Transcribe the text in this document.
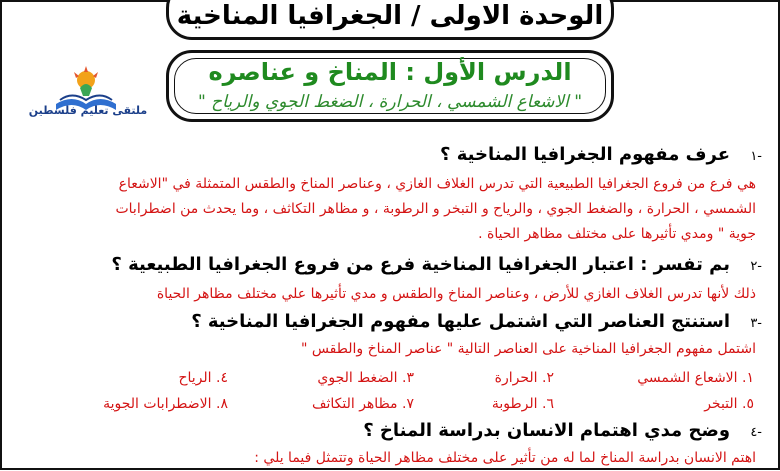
الوحدة الاولى / الجغرافيا المناخية
الدرس الأول : المناخ و عناصره
" الاشعاع الشمسي ، الحرارة ، الضغط الجوي والرياح "
ملتقى تعليم فلسطين
-١ عرف مفهوم الجغرافيا المناخية ؟
هي فرع من فروع الجغرافيا الطبيعية التي تدرس الغلاف الغازي ، وعناصر المناخ والطقس المتمثلة في "الاشعاع
الشمسي ، الحرارة ، والضغط الجوي ، والرياح و التبخر و الرطوبة ، و مظاهر التكاثف ، وما يحدث من اضطرابات
جوية " ومدي تأثيرها على مختلف مظاهر الحياة .
-٢ بم تفسر : اعتبار الجغرافيا المناخية فرع من فروع الجغرافيا الطبيعية ؟
ذلك لأنها تدرس الغلاف الغازي للأرض ، وعناصر المناخ والطقس و مدي تأثيرها علي مختلف مظاهر الحياة
-٣ استنتج العناصر التي اشتمل عليها مفهوم الجغرافيا المناخية ؟
اشتمل مفهوم الجغرافيا المناخية على العناصر التالية " عناصر المناخ والطقس "
١. الاشعاع الشمسي
٢. الحرارة
٣. الضغط الجوي
٤. الرياح
٥. التبخر
٦. الرطوبة
٧. مظاهر التكاثف
٨. الاضطرابات الجوية
-٤ وضح مدي اهتمام الانسان بدراسة المناخ ؟
اهتم الانسان بدراسة المناخ لما له من تأثير على مختلف مظاهر الحياة وتتمثل فيما يلي :
